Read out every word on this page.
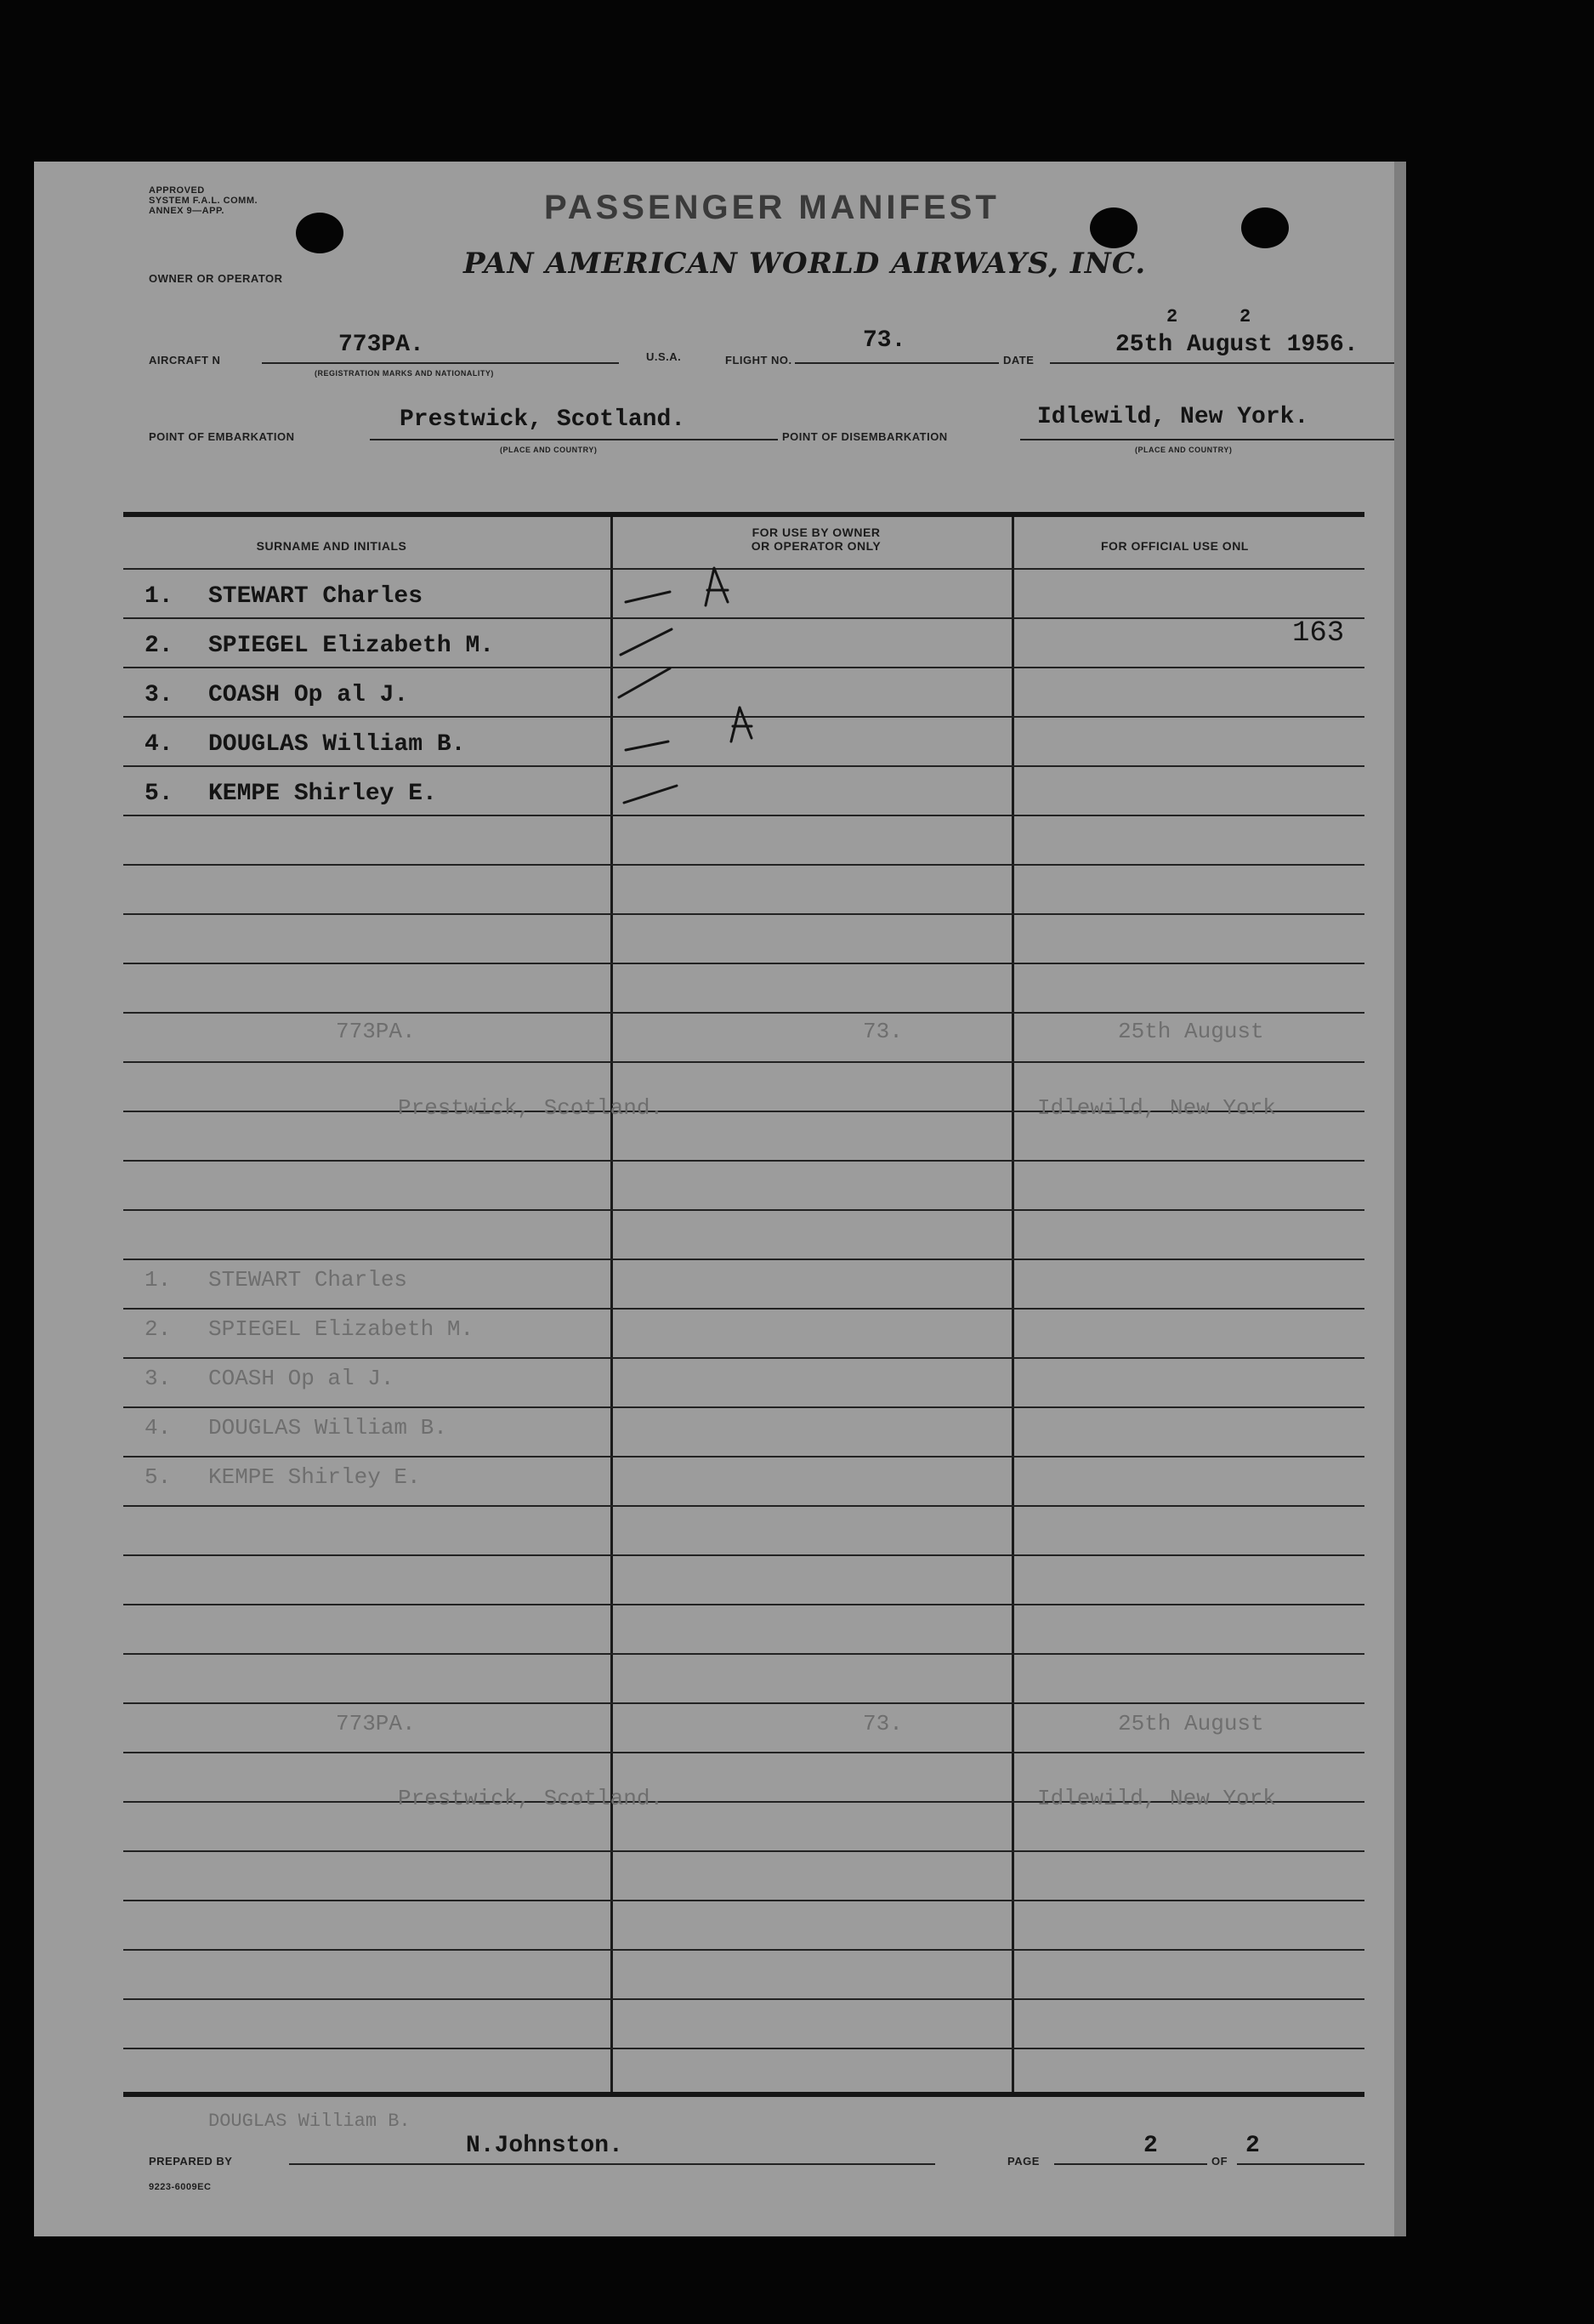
APPROVED
SYSTEM F.A.L. COMM.
ANNEX 9—APP.	PASSENGER MANIFEST
OWNER OR OPERATOR	PAN AMERICAN WORLD AIRWAYS, INC.
AIRCRAFT N
773PA.
(REGISTRATION MARKS AND NATIONALITY)
U.S.A.	FLIGHT NO.
73.
DATE
25th August 1956.
2	2
POINT OF EMBARKATION
Prestwick, Scotland.
(PLACE AND COUNTRY)
POINT OF DISEMBARKATION
Idlewild, New York.
(PLACE AND COUNTRY)
SURNAME AND INITIALS
FOR USE BY OWNER
OR OPERATOR ONLY	FOR OFFICIAL USE ONL
1. STEWART Charles
2. SPIEGEL Elizabeth M.
3. COASH Op al J.
4. DOUGLAS William B.
5. KEMPE Shirley E.
163
773PA.	73.	25th August
Prestwick, Scotland.	Idlewild, New York
1. STEWART Charles
2. SPIEGEL Elizabeth M.
3. COASH Op al J.
4. DOUGLAS William B.
5. KEMPE Shirley E.
773PA.	73.	25th August
Prestwick, Scotland.	Idlewild, New York
DOUGLAS William B.
PREPARED BY
N.Johnston.
PAGE
2
OF
2
9223-6009EC
